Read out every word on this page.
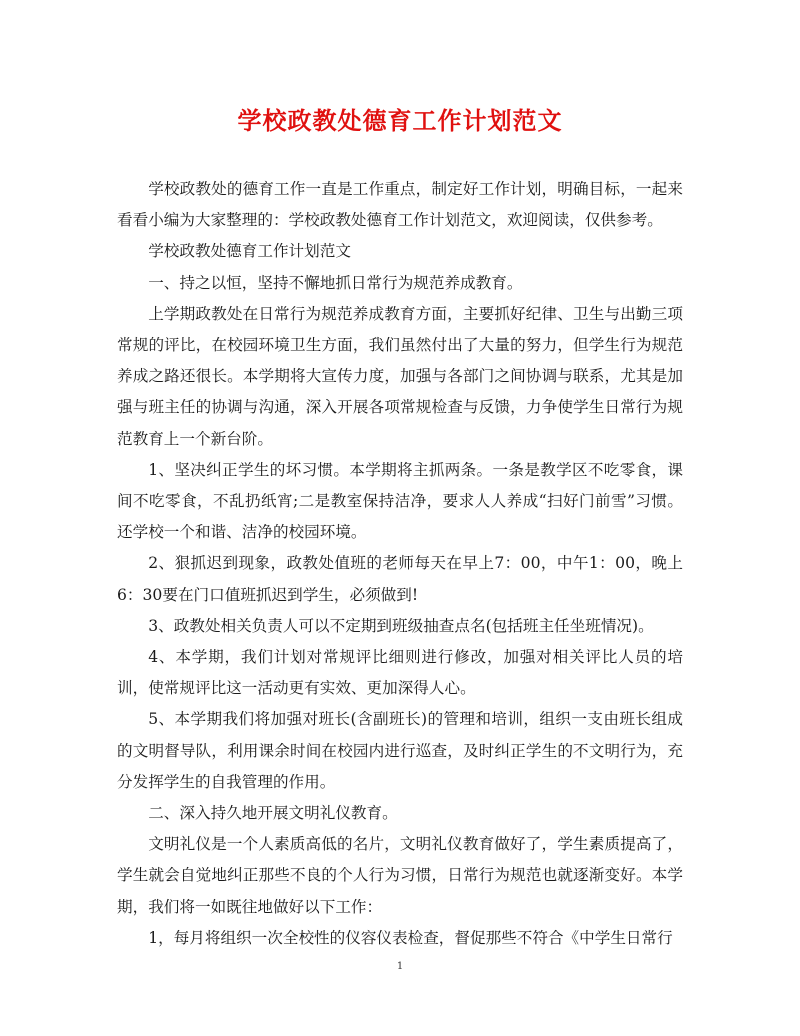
学校政教处德育工作计划范文

学校政教处的德育工作一直是工作重点，制定好工作计划，明确目标，一起来看看小编为大家整理的：学校政教处德育工作计划范文，欢迎阅读，仅供参考。

学校政教处德育工作计划范文

一、持之以恒，坚持不懈地抓日常行为规范养成教育。

上学期政教处在日常行为规范养成教育方面，主要抓好纪律、卫生与出勤三项常规的评比，在校园环境卫生方面，我们虽然付出了大量的努力，但学生行为规范养成之路还很长。本学期将大宣传力度，加强与各部门之间协调与联系，尤其是加强与班主任的协调与沟通，深入开展各项常规检查与反馈，力争使学生日常行为规范教育上一个新台阶。

1、坚决纠正学生的坏习惯。本学期将主抓两条。一条是教学区不吃零食，课间不吃零食，不乱扔纸宵;二是教室保持洁净，要求人人养成“扫好门前雪”习惯。还学校一个和谐、洁净的校园环境。

2、狠抓迟到现象，政教处值班的老师每天在早上7：00，中午1：00，晚上6：30要在门口值班抓迟到学生，必须做到!

3、政教处相关负责人可以不定期到班级抽查点名(包括班主任坐班情况)。

4、本学期，我们计划对常规评比细则进行修改，加强对相关评比人员的培训，使常规评比这一活动更有实效、更加深得人心。

5、本学期我们将加强对班长(含副班长)的管理和培训，组织一支由班长组成的文明督导队，利用课余时间在校园内进行巡查，及时纠正学生的不文明行为，充分发挥学生的自我管理的作用。

二、深入持久地开展文明礼仪教育。

文明礼仪是一个人素质高低的名片，文明礼仪教育做好了，学生素质提高了，学生就会自觉地纠正那些不良的个人行为习惯，日常行为规范也就逐渐变好。本学期，我们将一如既往地做好以下工作：

1，每月将组织一次全校性的仪容仪表检查，督促那些不符合《中学生日常行

1
